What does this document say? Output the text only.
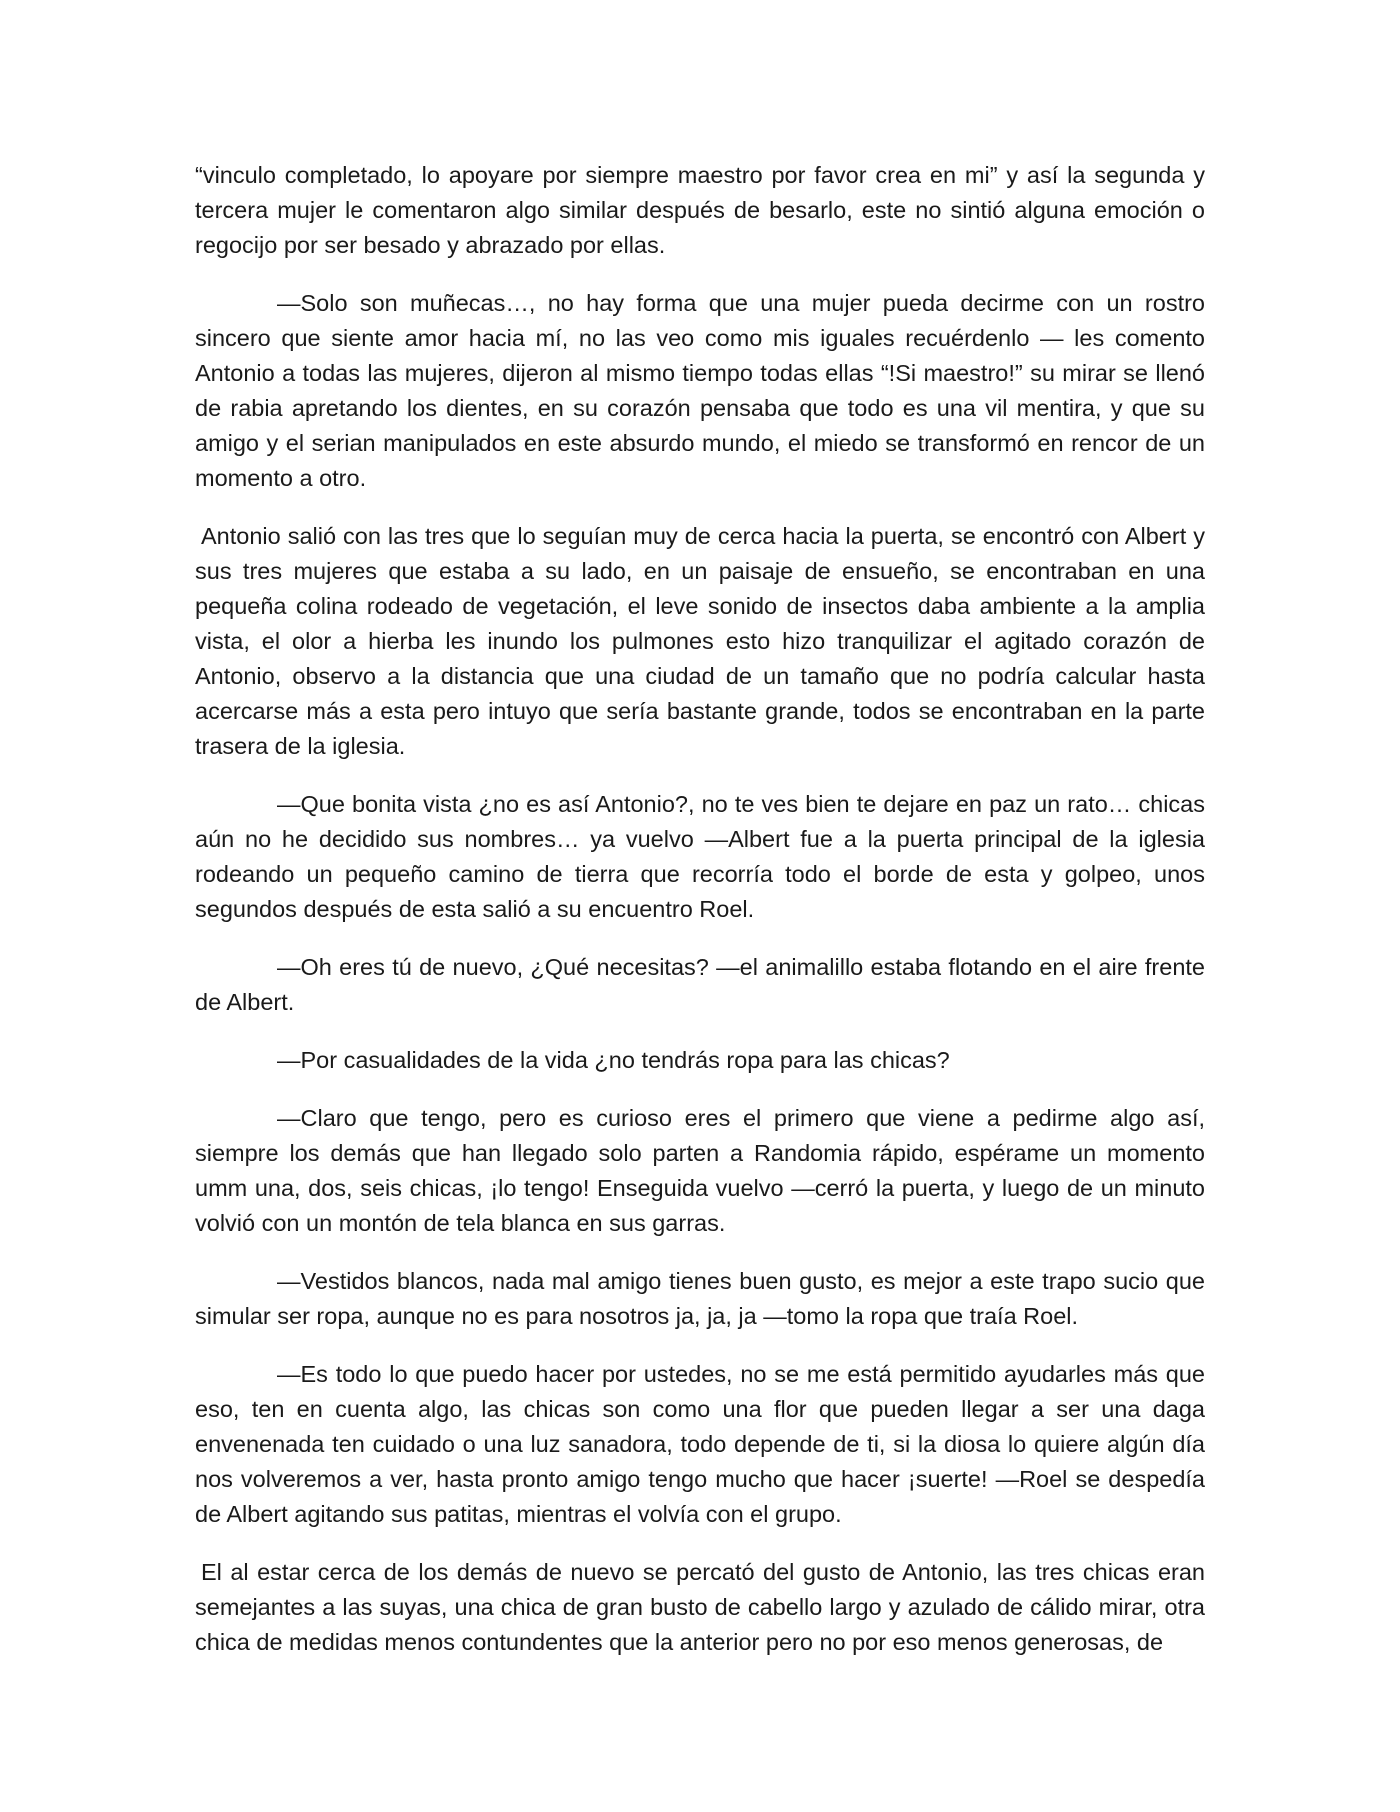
“vinculo completado, lo apoyare por siempre maestro por favor crea en mi” y así la segunda y tercera mujer le comentaron algo similar después de besarlo, este no sintió alguna emoción o regocijo por ser besado y abrazado por ellas.

—Solo son muñecas…, no hay forma que una mujer pueda decirme con un rostro sincero que siente amor hacia mí, no las veo como mis iguales recuérdenlo — les comento Antonio a todas las mujeres, dijeron al mismo tiempo todas ellas “!Si maestro!” su mirar se llenó de rabia apretando los dientes, en su corazón pensaba que todo es una vil mentira, y que su amigo y el serian manipulados en este absurdo mundo, el miedo se transformó en rencor de un momento a otro.

Antonio salió con las tres que lo seguían muy de cerca hacia la puerta, se encontró con Albert y sus tres mujeres que estaba a su lado, en un paisaje de ensueño, se encontraban en una pequeña colina rodeado de vegetación, el leve sonido de insectos daba ambiente a la amplia vista, el olor a hierba les inundo los pulmones esto hizo tranquilizar el agitado corazón de Antonio, observo a la distancia que una ciudad de un tamaño que no podría calcular hasta acercarse más a esta pero intuyo que sería bastante grande, todos se encontraban en la parte trasera de la iglesia.

—Que bonita vista ¿no es así Antonio?, no te ves bien te dejare en paz un rato… chicas aún no he decidido sus nombres… ya vuelvo —Albert fue a la puerta principal de la iglesia rodeando un pequeño camino de tierra que recorría todo el borde de esta y golpeo, unos segundos después de esta salió a su encuentro Roel.

—Oh eres tú de nuevo, ¿Qué necesitas? —el animalillo estaba flotando en el aire frente de Albert.

—Por casualidades de la vida ¿no tendrás ropa para las chicas?

—Claro que tengo, pero es curioso eres el primero que viene a pedirme algo así, siempre los demás que han llegado solo parten a Randomia rápido, espérame un momento umm una, dos, seis chicas, ¡lo tengo! Enseguida vuelvo —cerró la puerta, y luego de un minuto volvió con un montón de tela blanca en sus garras.

—Vestidos blancos, nada mal amigo tienes buen gusto, es mejor a este trapo sucio que simular ser ropa, aunque no es para nosotros ja, ja, ja —tomo la ropa que traía Roel.

—Es todo lo que puedo hacer por ustedes, no se me está permitido ayudarles más que eso, ten en cuenta algo, las chicas son como una flor que pueden llegar a ser una daga envenenada ten cuidado o una luz sanadora, todo depende de ti, si la diosa lo quiere algún día nos volveremos a ver, hasta pronto amigo tengo mucho que hacer ¡suerte! —Roel se despedía de Albert agitando sus patitas, mientras el volvía con el grupo.

El al estar cerca de los demás de nuevo se percató del gusto de Antonio, las tres chicas eran semejantes a las suyas, una chica de gran busto de cabello largo y azulado de cálido mirar, otra chica de medidas menos contundentes que la anterior pero no por eso menos generosas, de
